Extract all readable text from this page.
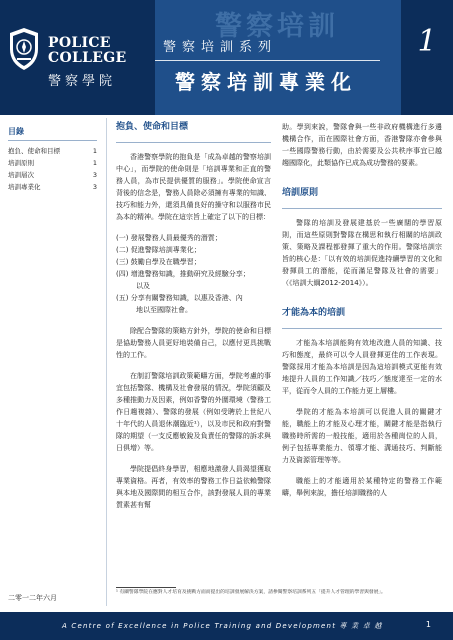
POLICE
COLLEGE
警察學院
警察培訓
警察培訓系列
警察培訓專業化
1
目錄
抱負、使命和目標	1
培訓原則	1
培訓層次	3
培訓專業化	3
二零一二年六月
抱負、使命和目標

香港警察學院的抱負是「成為卓越的警察培訓中心」，而學院的使命則是「培訓專業和正直的警務人員，為市民提供優質的服務」。學院使命宣言背後的信念是，警務人員除必須擁有專業的知識、技巧和能力外，還須具備良好的操守和以服務市民為本的精神。學院在這宗旨上確定了以下的目標：

(一) 發展警務人員最優秀的潛質；
(二) 促進警隊培訓專業化；
(三) 鼓勵自學及在職學習；
(四) 增進警務知識，推動研究及經驗分享；
以及
(五) 分享有關警務知識，以惠及香港、內
地以至國際社會。

除配合警隊的策略方針外，學院的使命和目標是協助警務人員更好地裝備自己，以應付更具挑戰性的工作。

在制訂警隊培訓政策範疇方面，學院考慮的事宜包括警隊、機構及社會發展的情況，學院須顧及多種推動力及因素，例如香警的外圍環境（警務工作日趨複雜）、警隊的發展（例如受聘於上世紀八十年代的人員退休潮臨近¹），以及市民和政府對警隊的期望（一支反應敏銳及負責任的警隊的訴求與日俱增）等。

學院提倡終身學習，相應地激發人員渴望獲取專業資格。再者，有效率的警務工作日益依賴警隊與本地及國際間的相互合作，該對發展人員的專業質素甚有幫

助。學到來說，警隊會與一些非政府機構進行多邊機構合作，而在國際社會方面，香港警隊亦會參與一些國際警務行動，由於需要及公共秩序事宜已越趨國際化，此類協作已成為成功警務的要素。

培訓原則

警隊的培訓及發展建基於一些廣闊的學習原則，而這些原則對警隊在構思和執行相關的培訓政策、策略及課程都發揮了重大的作用。警隊培訓宗旨的核心是：「以有效的培訓促進持續學習的文化和發揮員工的潛能，從而滿足警隊及社會的需要」（《培訓大綱2012-2014》）。

才能為本的培訓

才能為本培訓能夠有效地改進人員的知識、技巧和態度，最終可以令人員發揮更佳的工作表現。警隊採用才能為本培訓是因為這培訓模式更能有效地提升人員的工作知識／技巧／態度達至一定的水平，從而令人員的工作能力更上層樓。

學院的才能為本培訓可以促進人員的關鍵才能，職能上的才能及心理才能，關鍵才能是指執行職務時所需的一般技能，適用於各種崗位的人員，例子包括專業能力、領導才能、溝通技巧、判斷能力及資源管理等等。

職能上的才能適用於某種特定的警務工作範疇，舉例來說，擔任培訓職務的人

¹ 有關警隊學院在應對人才培育及挑戰方面而提出的培訓發展解決方案，請參閱警察培訓系列五「提升人才管理的學習與發展」。
A Centre of Excellence in Police Training and Development 專 業 卓 越	1
